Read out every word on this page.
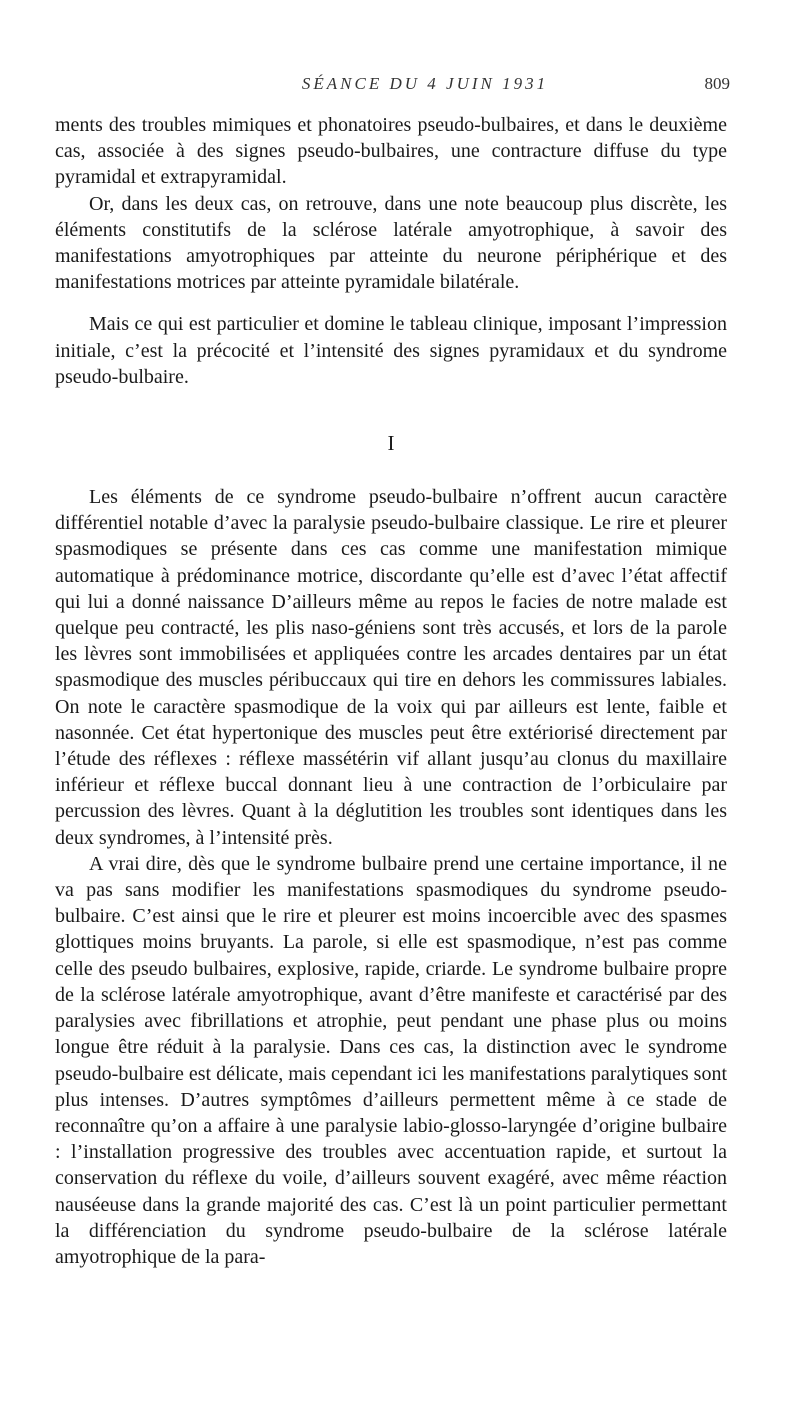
SÉANCE DU 4 JUIN 1931	809

ments des troubles mimiques et phonatoires pseudo-bulbaires, et dans le deuxième cas, associée à des signes pseudo-bulbaires, une contracture diffuse du type pyramidal et extrapyramidal.

Or, dans les deux cas, on retrouve, dans une note beaucoup plus discrète, les éléments constitutifs de la sclérose latérale amyotrophique, à savoir des manifestations amyotrophiques par atteinte du neurone périphérique et des manifestations motrices par atteinte pyramidale bilatérale.

Mais ce qui est particulier et domine le tableau clinique, imposant l’impression initiale, c’est la précocité et l’intensité des signes pyramidaux et du syndrome pseudo-bulbaire.

I

Les éléments de ce syndrome pseudo-bulbaire n’offrent aucun caractère différentiel notable d’avec la paralysie pseudo-bulbaire classique. Le rire et pleurer spasmodiques se présente dans ces cas comme une manifestation mimique automatique à prédominance motrice, discordante qu’elle est d’avec l’état affectif qui lui a donné naissance D’ailleurs même au repos le facies de notre malade est quelque peu contracté, les plis naso-géniens sont très accusés, et lors de la parole les lèvres sont immobilisées et appliquées contre les arcades dentaires par un état spasmodique des muscles péribuccaux qui tire en dehors les commissures labiales. On note le caractère spasmodique de la voix qui par ailleurs est lente, faible et nasonnée. Cet état hypertonique des muscles peut être extériorisé directement par l’étude des réflexes : réflexe massétérin vif allant jusqu’au clonus du maxillaire inférieur et réflexe buccal donnant lieu à une contraction de l’orbiculaire par percussion des lèvres. Quant à la déglutition les troubles sont identiques dans les deux syndromes, à l’intensité près.

A vrai dire, dès que le syndrome bulbaire prend une certaine importance, il ne va pas sans modifier les manifestations spasmodiques du syndrome pseudo-bulbaire. C’est ainsi que le rire et pleurer est moins incoercible avec des spasmes glottiques moins bruyants. La parole, si elle est spasmodique, n’est pas comme celle des pseudo bulbaires, explosive, rapide, criarde. Le syndrome bulbaire propre de la sclérose latérale amyotrophique, avant d’être manifeste et caractérisé par des paralysies avec fibrillations et atrophie, peut pendant une phase plus ou moins longue être réduit à la paralysie. Dans ces cas, la distinction avec le syndrome pseudo-bulbaire est délicate, mais cependant ici les manifestations paralytiques sont plus intenses. D’autres symptômes d’ailleurs permettent même à ce stade de reconnaître qu’on a affaire à une paralysie labio-glosso-laryngée d’origine bulbaire : l’installation progressive des troubles avec accentuation rapide, et surtout la conservation du réflexe du voile, d’ailleurs souvent exagéré, avec même réaction nauséeuse dans la grande majorité des cas. C’est là un point particulier permettant la différenciation du syndrome pseudo-bulbaire de la sclérose latérale amyotrophique de la para-
